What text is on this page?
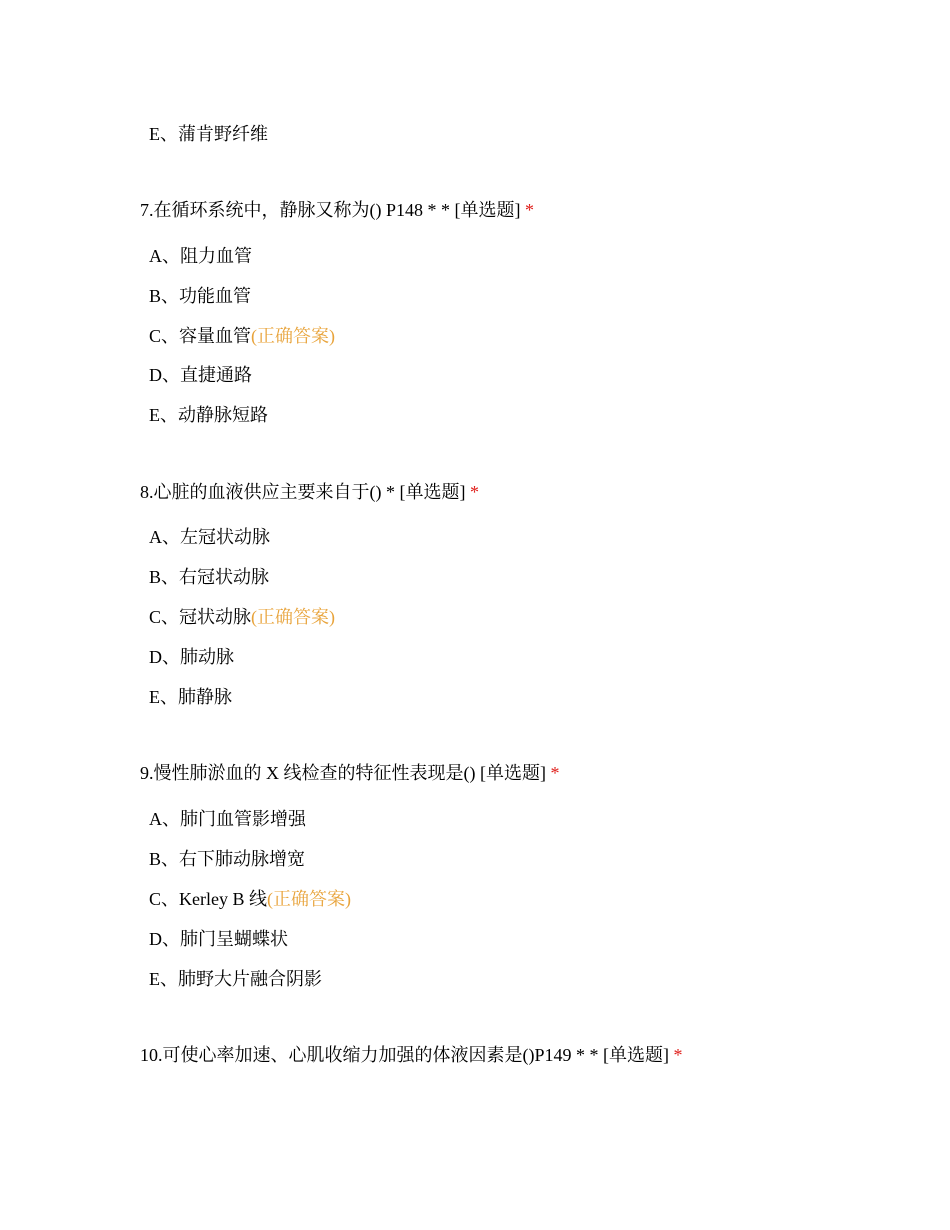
E、蒲肯野纤维
7.在循环系统中，静脉又称为() P148 * * [单选题] *
A、阻力血管
B、功能血管
C、容量血管(正确答案)
D、直捷通路
E、动静脉短路
8.心脏的血液供应主要来自于() * [单选题] *
A、左冠状动脉
B、右冠状动脉
C、冠状动脉(正确答案)
D、肺动脉
E、肺静脉
9.慢性肺淤血的 X 线检查的特征性表现是() [单选题] *
A、肺门血管影增强
B、右下肺动脉增宽
C、Kerley B 线(正确答案)
D、肺门呈蝴蝶状
E、肺野大片融合阴影
10.可使心率加速、心肌收缩力加强的体液因素是()P149 * * [单选题] *
